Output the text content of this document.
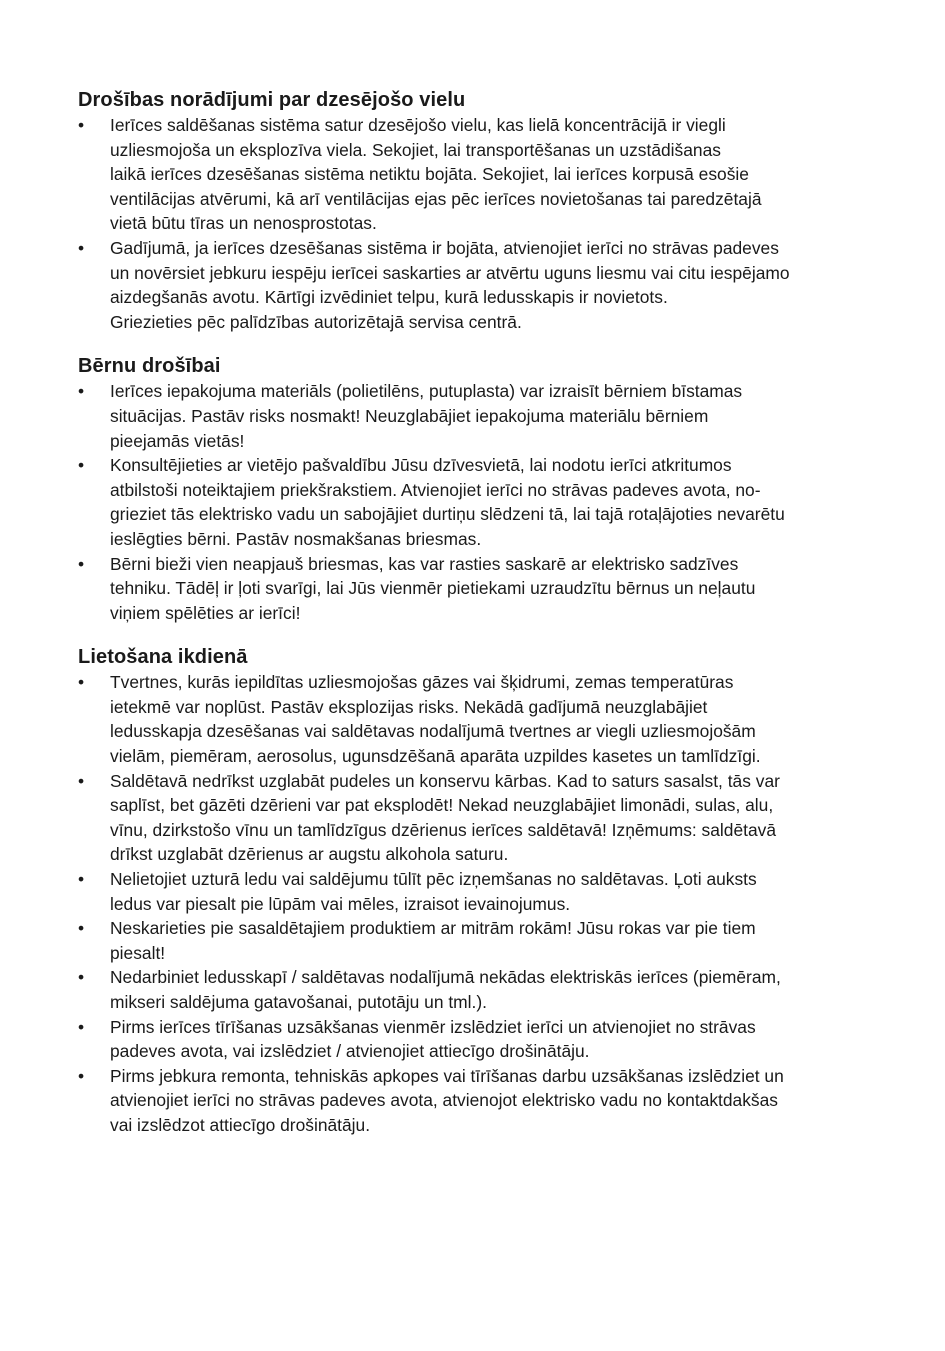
Drošības norādījumi par dzesējošo vielu
•	Ierīces saldēšanas sistēma satur dzesējošo vielu, kas lielā koncentrācijā ir viegli
uzliesmojoša un eksplozīva viela. Sekojiet, lai transportēšanas un uzstādišanas
laikā ierīces dzesēšanas sistēma netiktu bojāta. Sekojiet, lai ierīces korpusā esošie
ventilācijas atvērumi, kā arī ventilācijas ejas pēc ierīces novietošanas tai paredzētajā
vietā būtu tīras un nenosprostotas.
•	Gadījumā, ja ierīces dzesēšanas sistēma ir bojāta, atvienojiet ierīci no strāvas padeves
un novērsiet jebkuru iespēju ierīcei saskarties ar atvērtu uguns liesmu vai citu iespējamo
aizdegšanās avotu. Kārtīgi izvēdiniet telpu, kurā ledusskapis ir novietots.
Griezieties pēc palīdzības autorizētajā servisa centrā.
Bērnu drošībai
•	Ierīces iepakojuma materiāls (polietilēns, putuplasta) var izraisīt bērniem bīstamas
situācijas. Pastāv risks nosmakt! Neuzglabājiet iepakojuma materiālu bērniem
pieejamās vietās!
•	Konsultējieties ar vietējo pašvaldību Jūsu dzīvesvietā, lai nodotu ierīci atkritumos
atbilstoši noteiktajiem priekšrakstiem. Atvienojiet ierīci no strāvas padeves avota, no-
grieziet tās elektrisko vadu un sabojājiet durtiņu slēdzeni tā, lai tajā rotaļājoties nevarētu
ieslēgties bērni. Pastāv nosmakšanas briesmas.
•	Bērni bieži vien neapjauš briesmas, kas var rasties saskarē ar elektrisko sadzīves
tehniku. Tādēļ ir ļoti svarīgi, lai Jūs vienmēr pietiekami uzraudzītu bērnus un neļautu
viņiem spēlēties ar ierīci!
Lietošana ikdienā
•	Tvertnes, kurās iepildītas uzliesmojošas gāzes vai šķidrumi, zemas temperatūras
ietekmē var noplūst. Pastāv eksplozijas risks. Nekādā gadījumā neuzglabājiet
ledusskapja dzesēšanas vai saldētavas nodalījumā tvertnes ar viegli uzliesmojošām
vielām, piemēram, aerosolus, ugunsdzēšanā aparāta uzpildes kasetes un tamlīdzīgi.
•	Saldētavā nedrīkst uzglabāt pudeles un konservu kārbas. Kad to saturs sasalst, tās var
saplīst, bet gāzēti dzērieni var pat eksplodēt! Nekad neuzglabājiet limonādi, sulas, alu,
vīnu, dzirkstošo vīnu un tamlīdzīgus dzērienus ierīces saldētavā! Izņēmums: saldētavā
drīkst uzglabāt dzērienus ar augstu alkohola saturu.
•	Nelietojiet uzturā ledu vai saldējumu tūlīt pēc izņemšanas no saldētavas. Ļoti auksts
ledus var piesalt pie lūpām vai mēles, izraisot ievainojumus.
•	Neskarieties pie sasaldētajiem produktiem ar mitrām rokām! Jūsu rokas var pie tiem
piesalt!
•	Nedarbiniet ledusskapī / saldētavas nodalījumā nekādas elektriskās ierīces (piemēram,
mikseri saldējuma gatavošanai, putotāju un tml.).
•	Pirms ierīces tīrīšanas uzsākšanas vienmēr izslēdziet ierīci un atvienojiet no strāvas
padeves avota, vai izslēdziet / atvienojiet attiecīgo drošinātāju.
•	Pirms jebkura remonta, tehniskās apkopes vai tīrīšanas darbu uzsākšanas izslēdziet un
atvienojiet ierīci no strāvas padeves avota, atvienojot elektrisko vadu no kontaktdakšas
vai izslēdzot attiecīgo drošinātāju.
